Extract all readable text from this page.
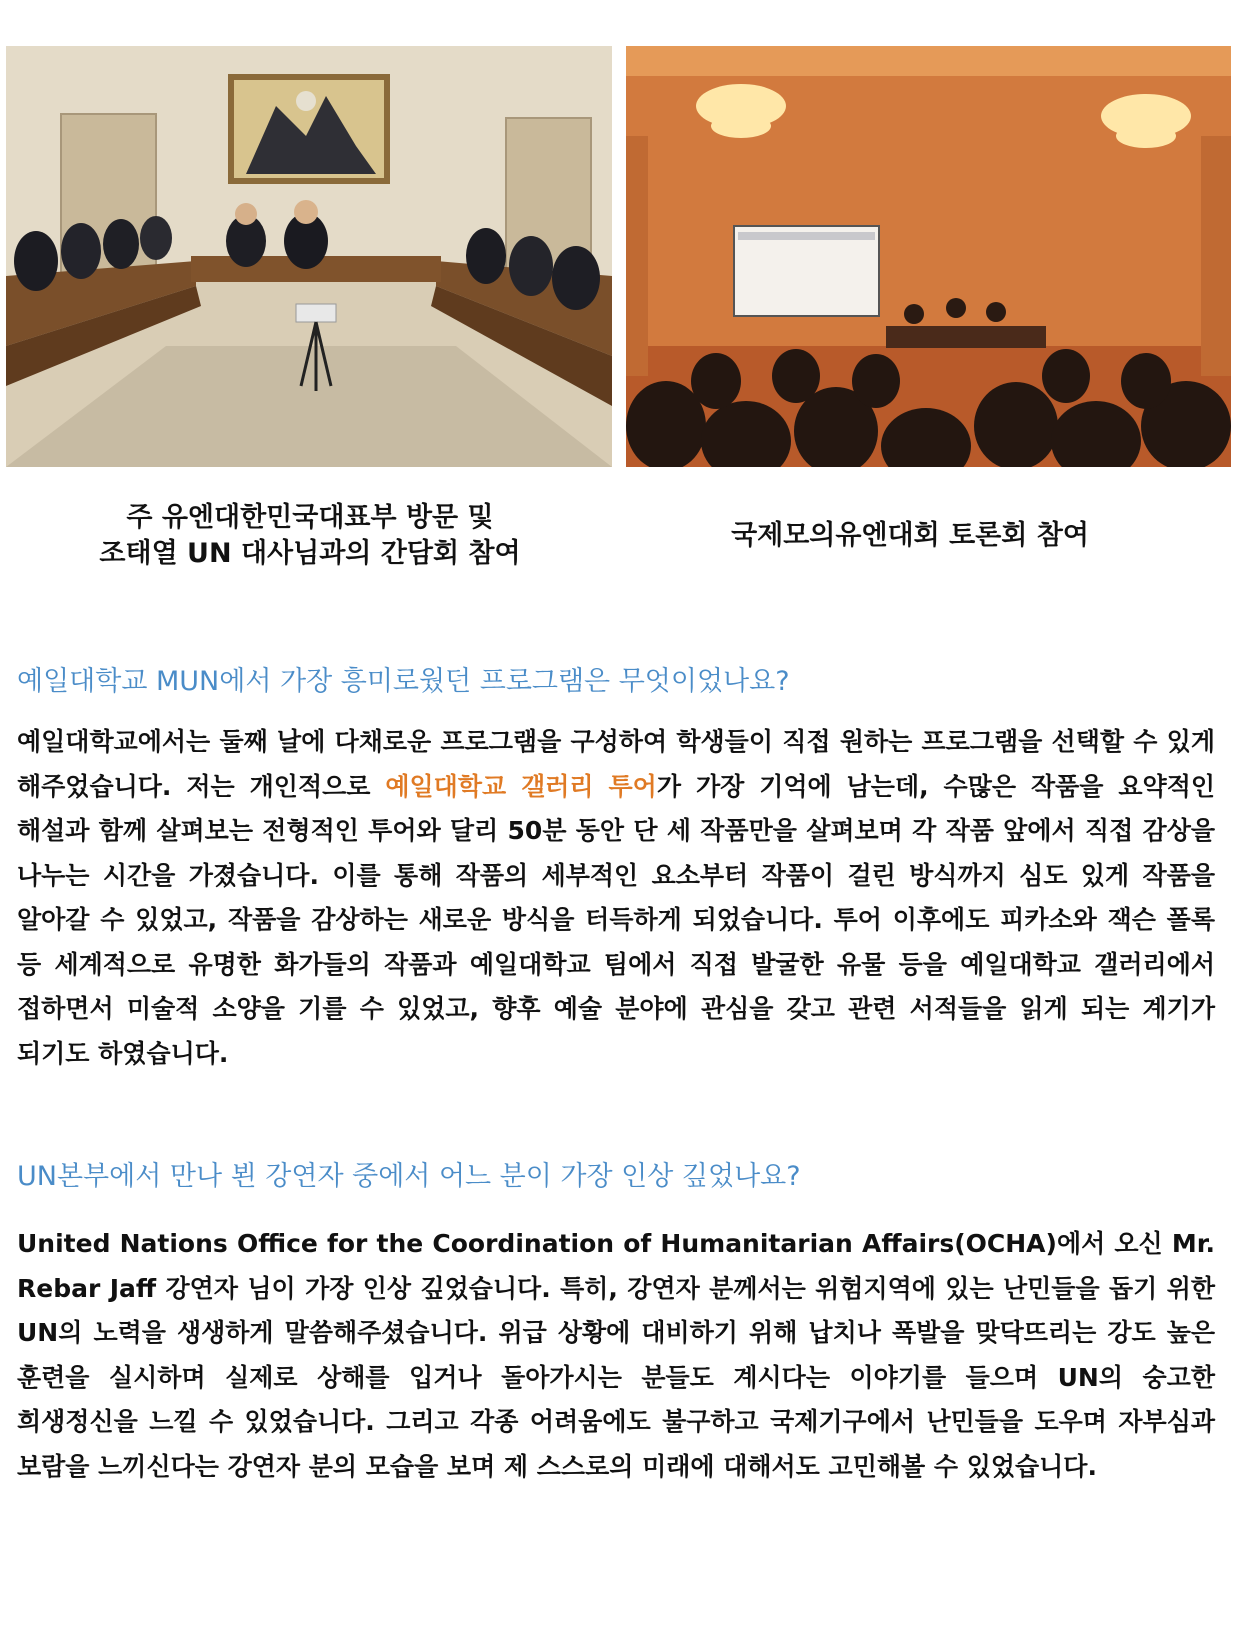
주 유엔대한민국대표부 방문 및
조태열 UN 대사님과의 간담회 참여
국제모의유엔대회 토론회 참여
예일대학교 MUN에서 가장 흥미로웠던 프로그램은 무엇이었나요?
예일대학교에서는 둘째 날에 다채로운 프로그램을 구성하여 학생들이 직접 원하는 프로그램을 선택할 수 있게 해주었습니다. 저는 개인적으로 예일대학교 갤러리 투어가 가장 기억에 남는데, 수많은 작품을 요약적인 해설과 함께 살펴보는 전형적인 투어와 달리 50분 동안 단 세 작품만을 살펴보며 각 작품 앞에서 직접 감상을 나누는 시간을 가졌습니다. 이를 통해 작품의 세부적인 요소부터 작품이 걸린 방식까지 심도 있게 작품을 알아갈 수 있었고, 작품을 감상하는 새로운 방식을 터득하게 되었습니다. 투어 이후에도 피카소와 잭슨 폴록 등 세계적으로 유명한 화가들의 작품과 예일대학교 팀에서 직접 발굴한 유물 등을 예일대학교 갤러리에서 접하면서 미술적 소양을 기를 수 있었고, 향후 예술 분야에 관심을 갖고 관련 서적들을 읽게 되는 계기가 되기도 하였습니다.
UN본부에서 만나 뵌 강연자 중에서 어느 분이 가장 인상 깊었나요?
United Nations Office for the Coordination of Humanitarian Affairs(OCHA)에서 오신 Mr. Rebar Jaff 강연자 님이 가장 인상 깊었습니다. 특히, 강연자 분께서는 위험지역에 있는 난민들을 돕기 위한 UN의 노력을 생생하게 말씀해주셨습니다. 위급 상황에 대비하기 위해 납치나 폭발을 맞닥뜨리는 강도 높은 훈련을 실시하며 실제로 상해를 입거나 돌아가시는 분들도 계시다는 이야기를 들으며 UN의 숭고한 희생정신을 느낄 수 있었습니다. 그리고 각종 어려움에도 불구하고 국제기구에서 난민들을 도우며 자부심과 보람을 느끼신다는 강연자 분의 모습을 보며 제 스스로의 미래에 대해서도 고민해볼 수 있었습니다.
